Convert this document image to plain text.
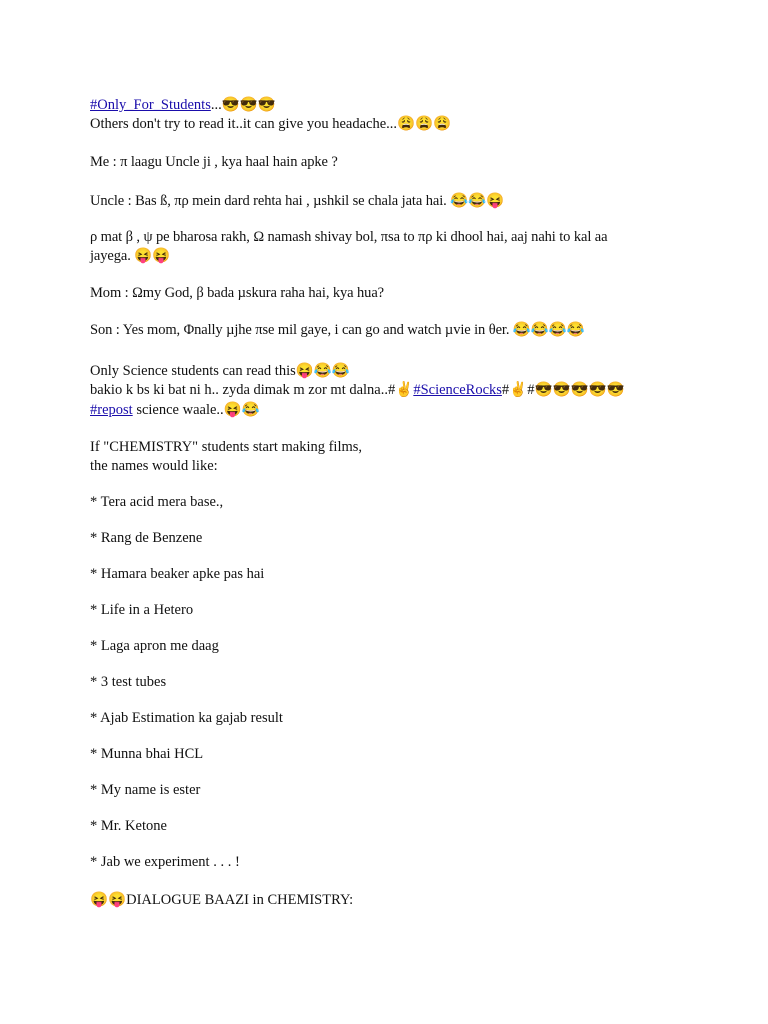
#Only_For_Students...😎😎😎
Others don't try to read it..it can give you headache...😩😩😩
Me : π laagu Uncle ji , kya haal hain apke ?
Uncle : Bas ß, πρ mein dard rehta hai , µshkil se chala jata hai. 😂😂😝
ρ mat β , ψ pe bharosa rakh, Ω namash shivay bol, πsa to πρ ki dhool hai, aaj nahi to kal aa jayega. 😝😝
Mom : Ωmy God, β bada µskura raha hai, kya hua?
Son : Yes mom, Φnally µjhe πse mil gaye, i can go and watch µvie in θer. 😂😂😂😂
Only Science students can read this😝😂😂
bakio k bs ki bat ni h.. zyda dimak m zor mt dalna..#✌#ScienceRocks#✌#😎😎😎😎😎
#repost science waale..😝😂
If "CHEMISTRY" students start making films,
the names would like:
* Tera acid mera base.,
* Rang de Benzene
* Hamara beaker apke pas hai
* Life in a Hetero
* Laga apron me daag
* 3 test tubes
* Ajab Estimation ka gajab result
* Munna bhai HCL
* My name is ester
* Mr. Ketone
* Jab we experiment . . . !
😝😝DIALOGUE BAAZI in CHEMISTRY:
